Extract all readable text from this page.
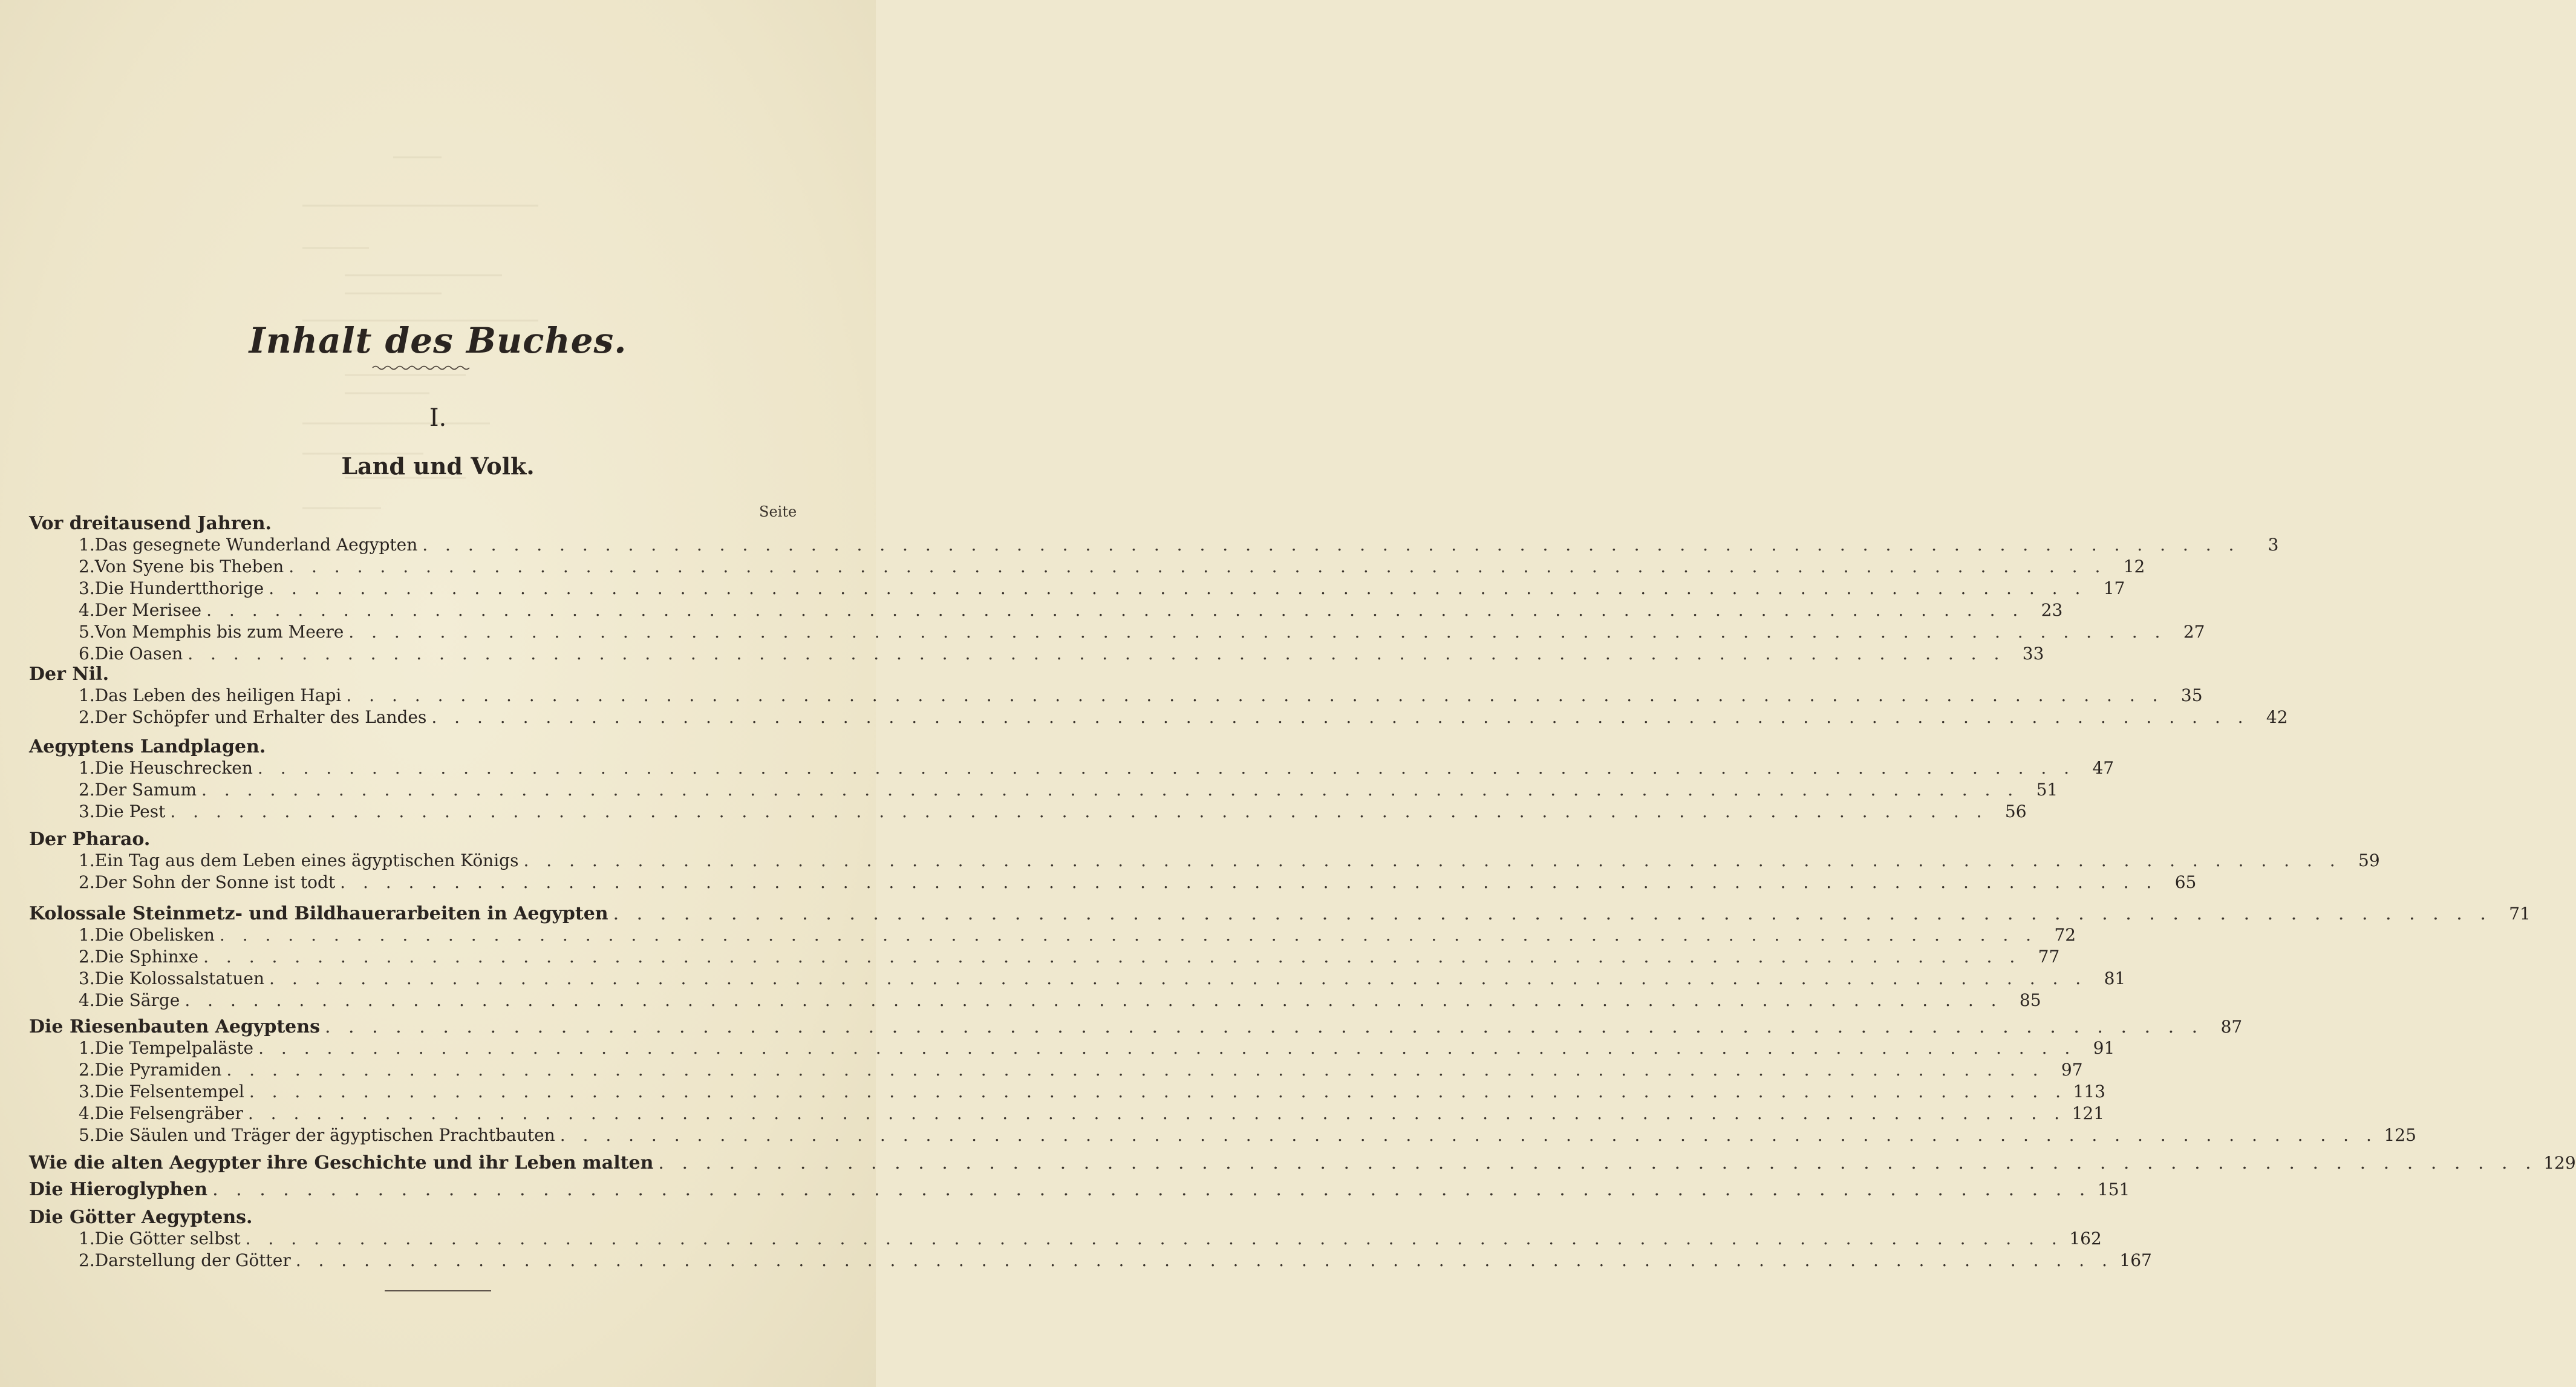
Inhalt des Buches.
I.
Land und Volk.
Seite
Vor dreitausend Jahren.
1. Das gesegnete Wunderland Aegypten . . . . . . . . . . . . . . . . . . . . . . . . . . . . . . . . . . . . . . . . . . . . . . . . . . . . . . . . . . . . . . . . . . . . . . . . . . . . . . . .	3
2. Von Syene bis Theben . . . . . . . . . . . . . . . . . . . . . . . . . . . . . . . . . . . . . . . . . . . . . . . . . . . . . . . . . . . . . . . . . . . . . . . . . . . . . . . .	12
3. Die Hundertthorige . . . . . . . . . . . . . . . . . . . . . . . . . . . . . . . . . . . . . . . . . . . . . . . . . . . . . . . . . . . . . . . . . . . . . . . . . . . . . . . .	17
4. Der Merisee . . . . . . . . . . . . . . . . . . . . . . . . . . . . . . . . . . . . . . . . . . . . . . . . . . . . . . . . . . . . . . . . . . . . . . . . . . . . . . . .	23
5. Von Memphis bis zum Meere . . . . . . . . . . . . . . . . . . . . . . . . . . . . . . . . . . . . . . . . . . . . . . . . . . . . . . . . . . . . . . . . . . . . . . . . . . . . . . . .	27
6. Die Oasen . . . . . . . . . . . . . . . . . . . . . . . . . . . . . . . . . . . . . . . . . . . . . . . . . . . . . . . . . . . . . . . . . . . . . . . . . . . . . . . .	33
Der Nil.
1. Das Leben des heiligen Hapi . . . . . . . . . . . . . . . . . . . . . . . . . . . . . . . . . . . . . . . . . . . . . . . . . . . . . . . . . . . . . . . . . . . . . . . . . . . . . . . .	35
2. Der Schöpfer und Erhalter des Landes . . . . . . . . . . . . . . . . . . . . . . . . . . . . . . . . . . . . . . . . . . . . . . . . . . . . . . . . . . . . . . . . . . . . . . . . . . . . . . . .	42
Aegyptens Landplagen.
1. Die Heuschrecken . . . . . . . . . . . . . . . . . . . . . . . . . . . . . . . . . . . . . . . . . . . . . . . . . . . . . . . . . . . . . . . . . . . . . . . . . . . . . . . .	47
2. Der Samum . . . . . . . . . . . . . . . . . . . . . . . . . . . . . . . . . . . . . . . . . . . . . . . . . . . . . . . . . . . . . . . . . . . . . . . . . . . . . . . .	51
3. Die Pest . . . . . . . . . . . . . . . . . . . . . . . . . . . . . . . . . . . . . . . . . . . . . . . . . . . . . . . . . . . . . . . . . . . . . . . . . . . . . . . .	56
Der Pharao.
1. Ein Tag aus dem Leben eines ägyptischen Königs . . . . . . . . . . . . . . . . . . . . . . . . . . . . . . . . . . . . . . . . . . . . . . . . . . . . . . . . . . . . . . . . . . . . . . . . . . . . . . . .	59
2. Der Sohn der Sonne ist todt . . . . . . . . . . . . . . . . . . . . . . . . . . . . . . . . . . . . . . . . . . . . . . . . . . . . . . . . . . . . . . . . . . . . . . . . . . . . . . . .	65
Kolossale Steinmetz- und Bildhauerarbeiten in Aegypten . . . . . . . . . . . . . . . . . . . . . . . . . . . . . . . . . . . . . . . . . . . . . . . . . . . . . . . . . . . . . . . . . . . . . . . . . . . . . . . .	71
1. Die Obelisken . . . . . . . . . . . . . . . . . . . . . . . . . . . . . . . . . . . . . . . . . . . . . . . . . . . . . . . . . . . . . . . . . . . . . . . . . . . . . . . .	72
2. Die Sphinxe . . . . . . . . . . . . . . . . . . . . . . . . . . . . . . . . . . . . . . . . . . . . . . . . . . . . . . . . . . . . . . . . . . . . . . . . . . . . . . . .	77
3. Die Kolossalstatuen . . . . . . . . . . . . . . . . . . . . . . . . . . . . . . . . . . . . . . . . . . . . . . . . . . . . . . . . . . . . . . . . . . . . . . . . . . . . . . . .	81
4. Die Särge . . . . . . . . . . . . . . . . . . . . . . . . . . . . . . . . . . . . . . . . . . . . . . . . . . . . . . . . . . . . . . . . . . . . . . . . . . . . . . . .	85
Die Riesenbauten Aegyptens . . . . . . . . . . . . . . . . . . . . . . . . . . . . . . . . . . . . . . . . . . . . . . . . . . . . . . . . . . . . . . . . . . . . . . . . . . . . . . . .	87
1. Die Tempelpaläste . . . . . . . . . . . . . . . . . . . . . . . . . . . . . . . . . . . . . . . . . . . . . . . . . . . . . . . . . . . . . . . . . . . . . . . . . . . . . . . .	91
2. Die Pyramiden . . . . . . . . . . . . . . . . . . . . . . . . . . . . . . . . . . . . . . . . . . . . . . . . . . . . . . . . . . . . . . . . . . . . . . . . . . . . . . . .	97
3. Die Felsentempel . . . . . . . . . . . . . . . . . . . . . . . . . . . . . . . . . . . . . . . . . . . . . . . . . . . . . . . . . . . . . . . . . . . . . . . . . . . . . . . . 113
4. Die Felsengräber . . . . . . . . . . . . . . . . . . . . . . . . . . . . . . . . . . . . . . . . . . . . . . . . . . . . . . . . . . . . . . . . . . . . . . . . . . . . . . . . 121
5. Die Säulen und Träger der ägyptischen Prachtbauten . . . . . . . . . . . . . . . . . . . . . . . . . . . . . . . . . . . . . . . . . . . . . . . . . . . . . . . . . . . . . . . . . . . . . . . . . . . . . . . . 125
Wie die alten Aegypter ihre Geschichte und ihr Leben malten . . . . . . . . . . . . . . . . . . . . . . . . . . . . . . . . . . . . . . . . . . . . . . . . . . . . . . . . . . . . . . . . . . . . . . . . . . . . . . . . 129
Die Hieroglyphen . . . . . . . . . . . . . . . . . . . . . . . . . . . . . . . . . . . . . . . . . . . . . . . . . . . . . . . . . . . . . . . . . . . . . . . . . . . . . . . . 151
Die Götter Aegyptens.
1. Die Götter selbst . . . . . . . . . . . . . . . . . . . . . . . . . . . . . . . . . . . . . . . . . . . . . . . . . . . . . . . . . . . . . . . . . . . . . . . . . . . . . . . . 162
2. Darstellung der Götter . . . . . . . . . . . . . . . . . . . . . . . . . . . . . . . . . . . . . . . . . . . . . . . . . . . . . . . . . . . . . . . . . . . . . . . . . . . . . . . . 167
